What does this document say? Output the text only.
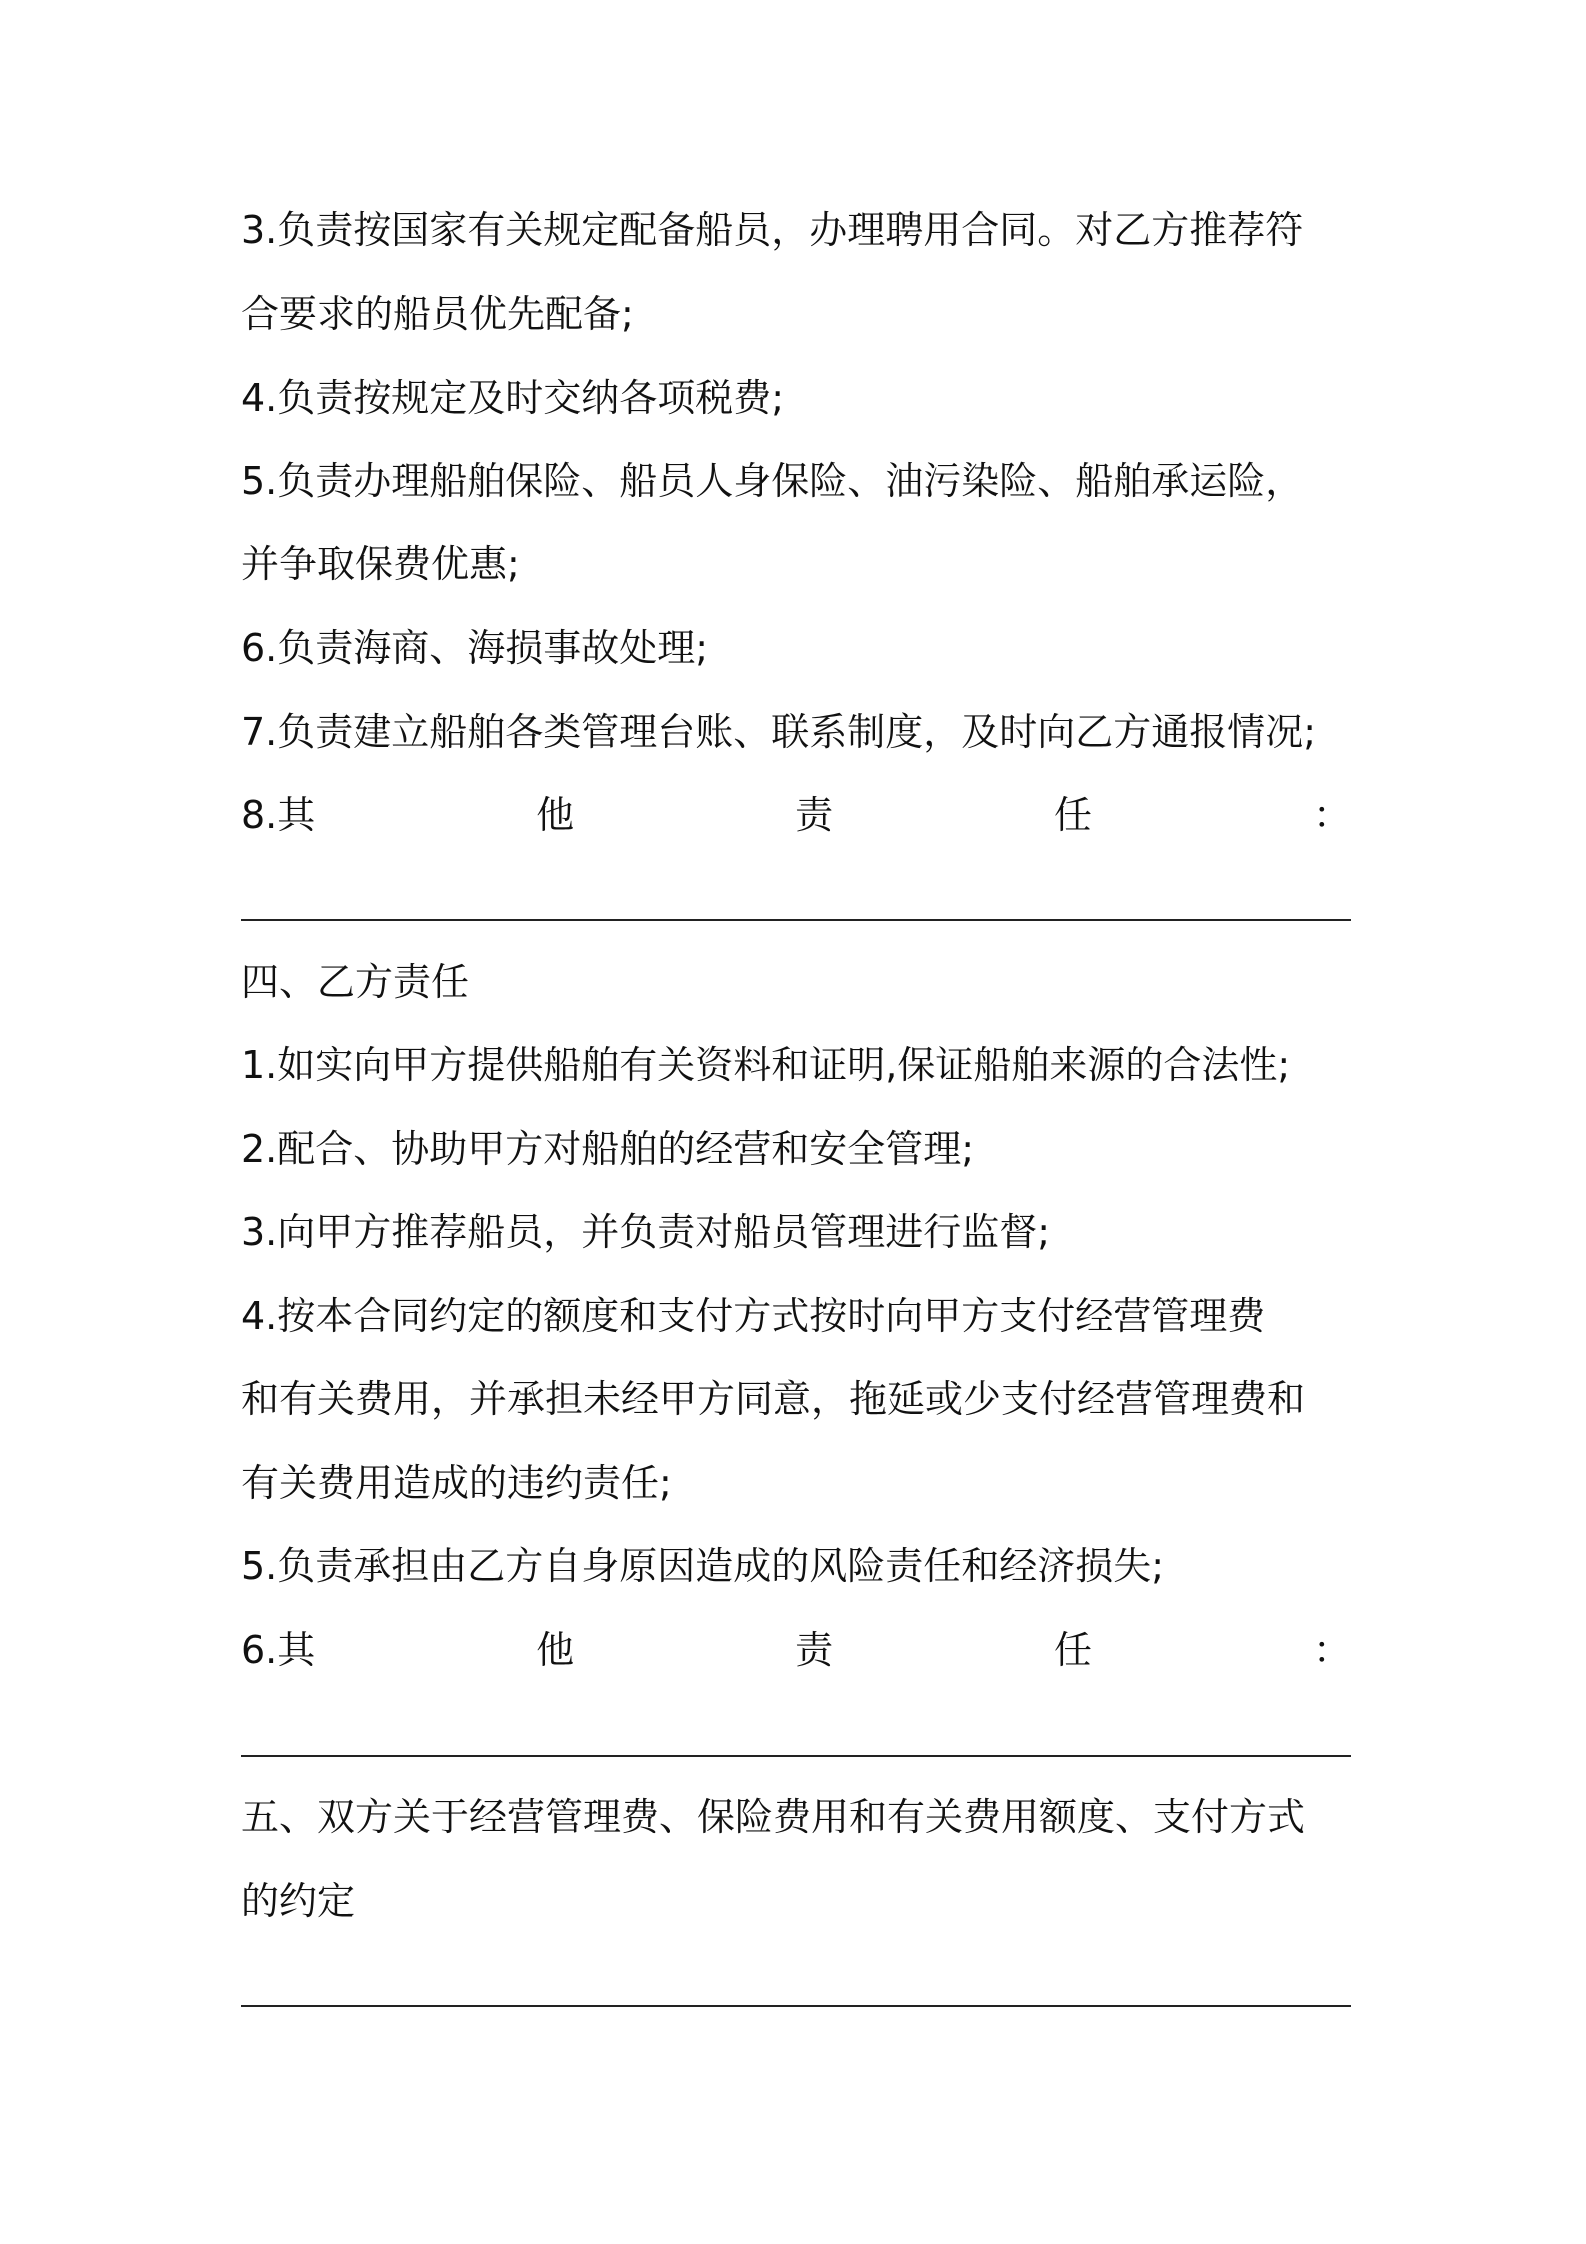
3.负责按国家有关规定配备船员，办理聘用合同。对乙方推荐符
合要求的船员优先配备;
4.负责按规定及时交纳各项税费;
5.负责办理船舶保险、船员人身保险、油污染险、船舶承运险，
并争取保费优惠;
6.负责海商、海损事故处理;
7.负责建立船舶各类管理台账、联系制度，及时向乙方通报情况;
8.其	他	责	任	：
四、乙方责任
1.如实向甲方提供船舶有关资料和证明,保证船舶来源的合法性;
2.配合、协助甲方对船舶的经营和安全管理;
3.向甲方推荐船员，并负责对船员管理进行监督;
4.按本合同约定的额度和支付方式按时向甲方支付经营管理费
和有关费用，并承担未经甲方同意，拖延或少支付经营管理费和
有关费用造成的违约责任;
5.负责承担由乙方自身原因造成的风险责任和经济损失;
6.其	他	责	任	：
五、双方关于经营管理费、保险费用和有关费用额度、支付方式
的约定
